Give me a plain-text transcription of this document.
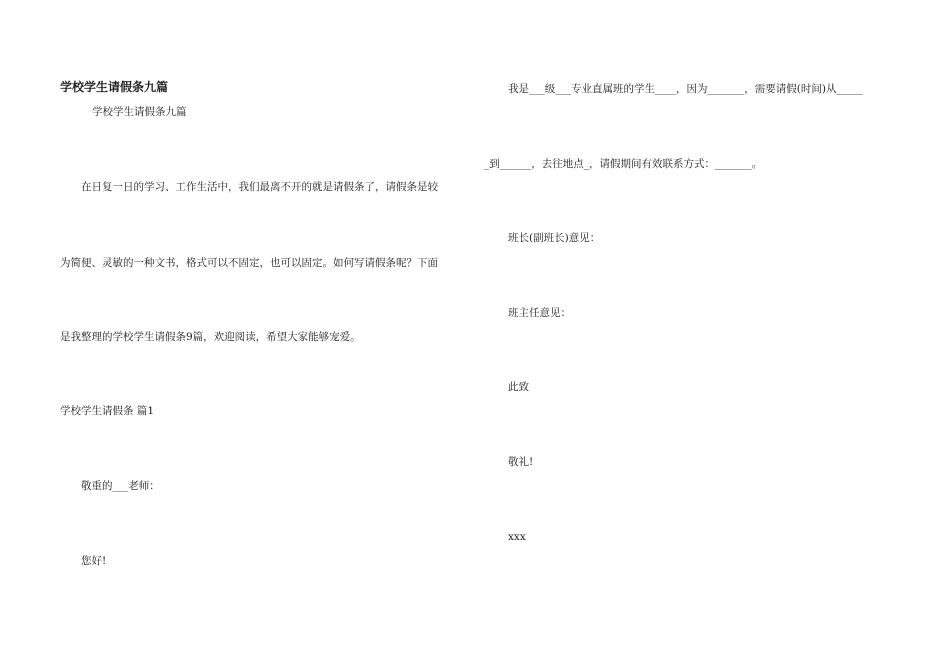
学校学生请假条九篇
学校学生请假条九篇
在日复一日的学习、工作生活中，我们最离不开的就是请假条了，请假条是较
为简便、灵敏的一种文书，格式可以不固定，也可以固定。如何写请假条呢？下面
是我整理的学校学生请假条9篇，欢迎阅读，希望大家能够宠爱。
学校学生请假条 篇1
敬重的___老师：
您好!
我是___级___专业直属班的学生____，因为_______，需要请假(时间)从_____
_到______，去往地点_，请假期间有效联系方式：_______。
班长(副班长)意见：
班主任意见：
此致
敬礼!
xxx
